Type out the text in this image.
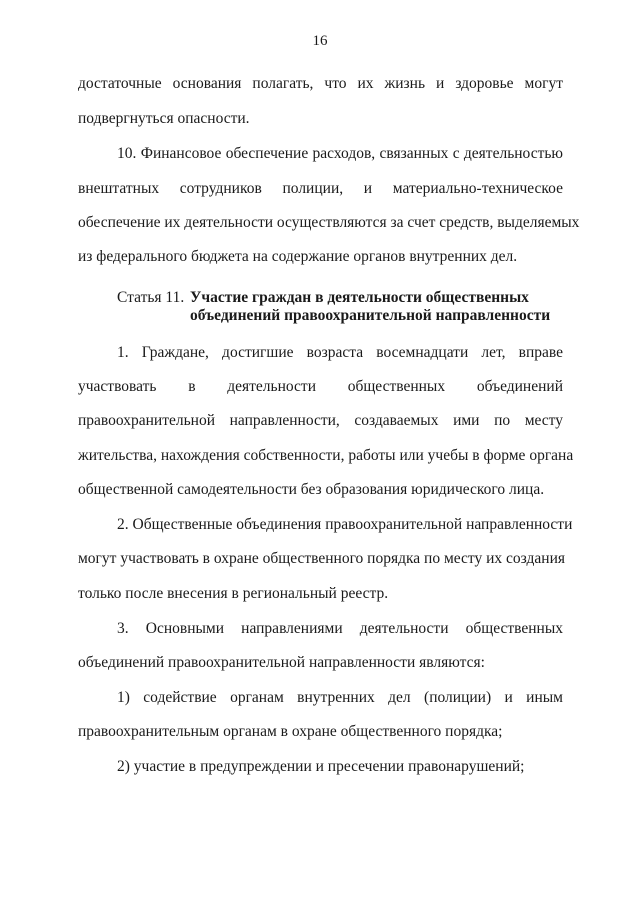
16
достаточные основания полагать, что их жизнь и здоровье могут
подвергнуться опасности.
10. Финансовое обеспечение расходов, связанных с деятельностью
внештатных сотрудников полиции, и материально-техническое
обеспечение их деятельности осуществляются за счет средств, выделяемых
из федерального бюджета на содержание органов внутренних дел.
Статья 11. Участие граждан в деятельности общественных
объединений правоохранительной направленности
1. Граждане, достигшие возраста восемнадцати лет, вправе
участвовать в деятельности общественных объединений
правоохранительной направленности, создаваемых ими по месту
жительства, нахождения собственности, работы или учебы в форме органа
общественной самодеятельности без образования юридического лица.
2. Общественные объединения правоохранительной направленности
могут участвовать в охране общественного порядка по месту их создания
только после внесения в региональный реестр.
3. Основными направлениями деятельности общественных
объединений правоохранительной направленности являются:
1) содействие органам внутренних дел (полиции) и иным
правоохранительным органам в охране общественного порядка;
2) участие в предупреждении и пресечении правонарушений;
